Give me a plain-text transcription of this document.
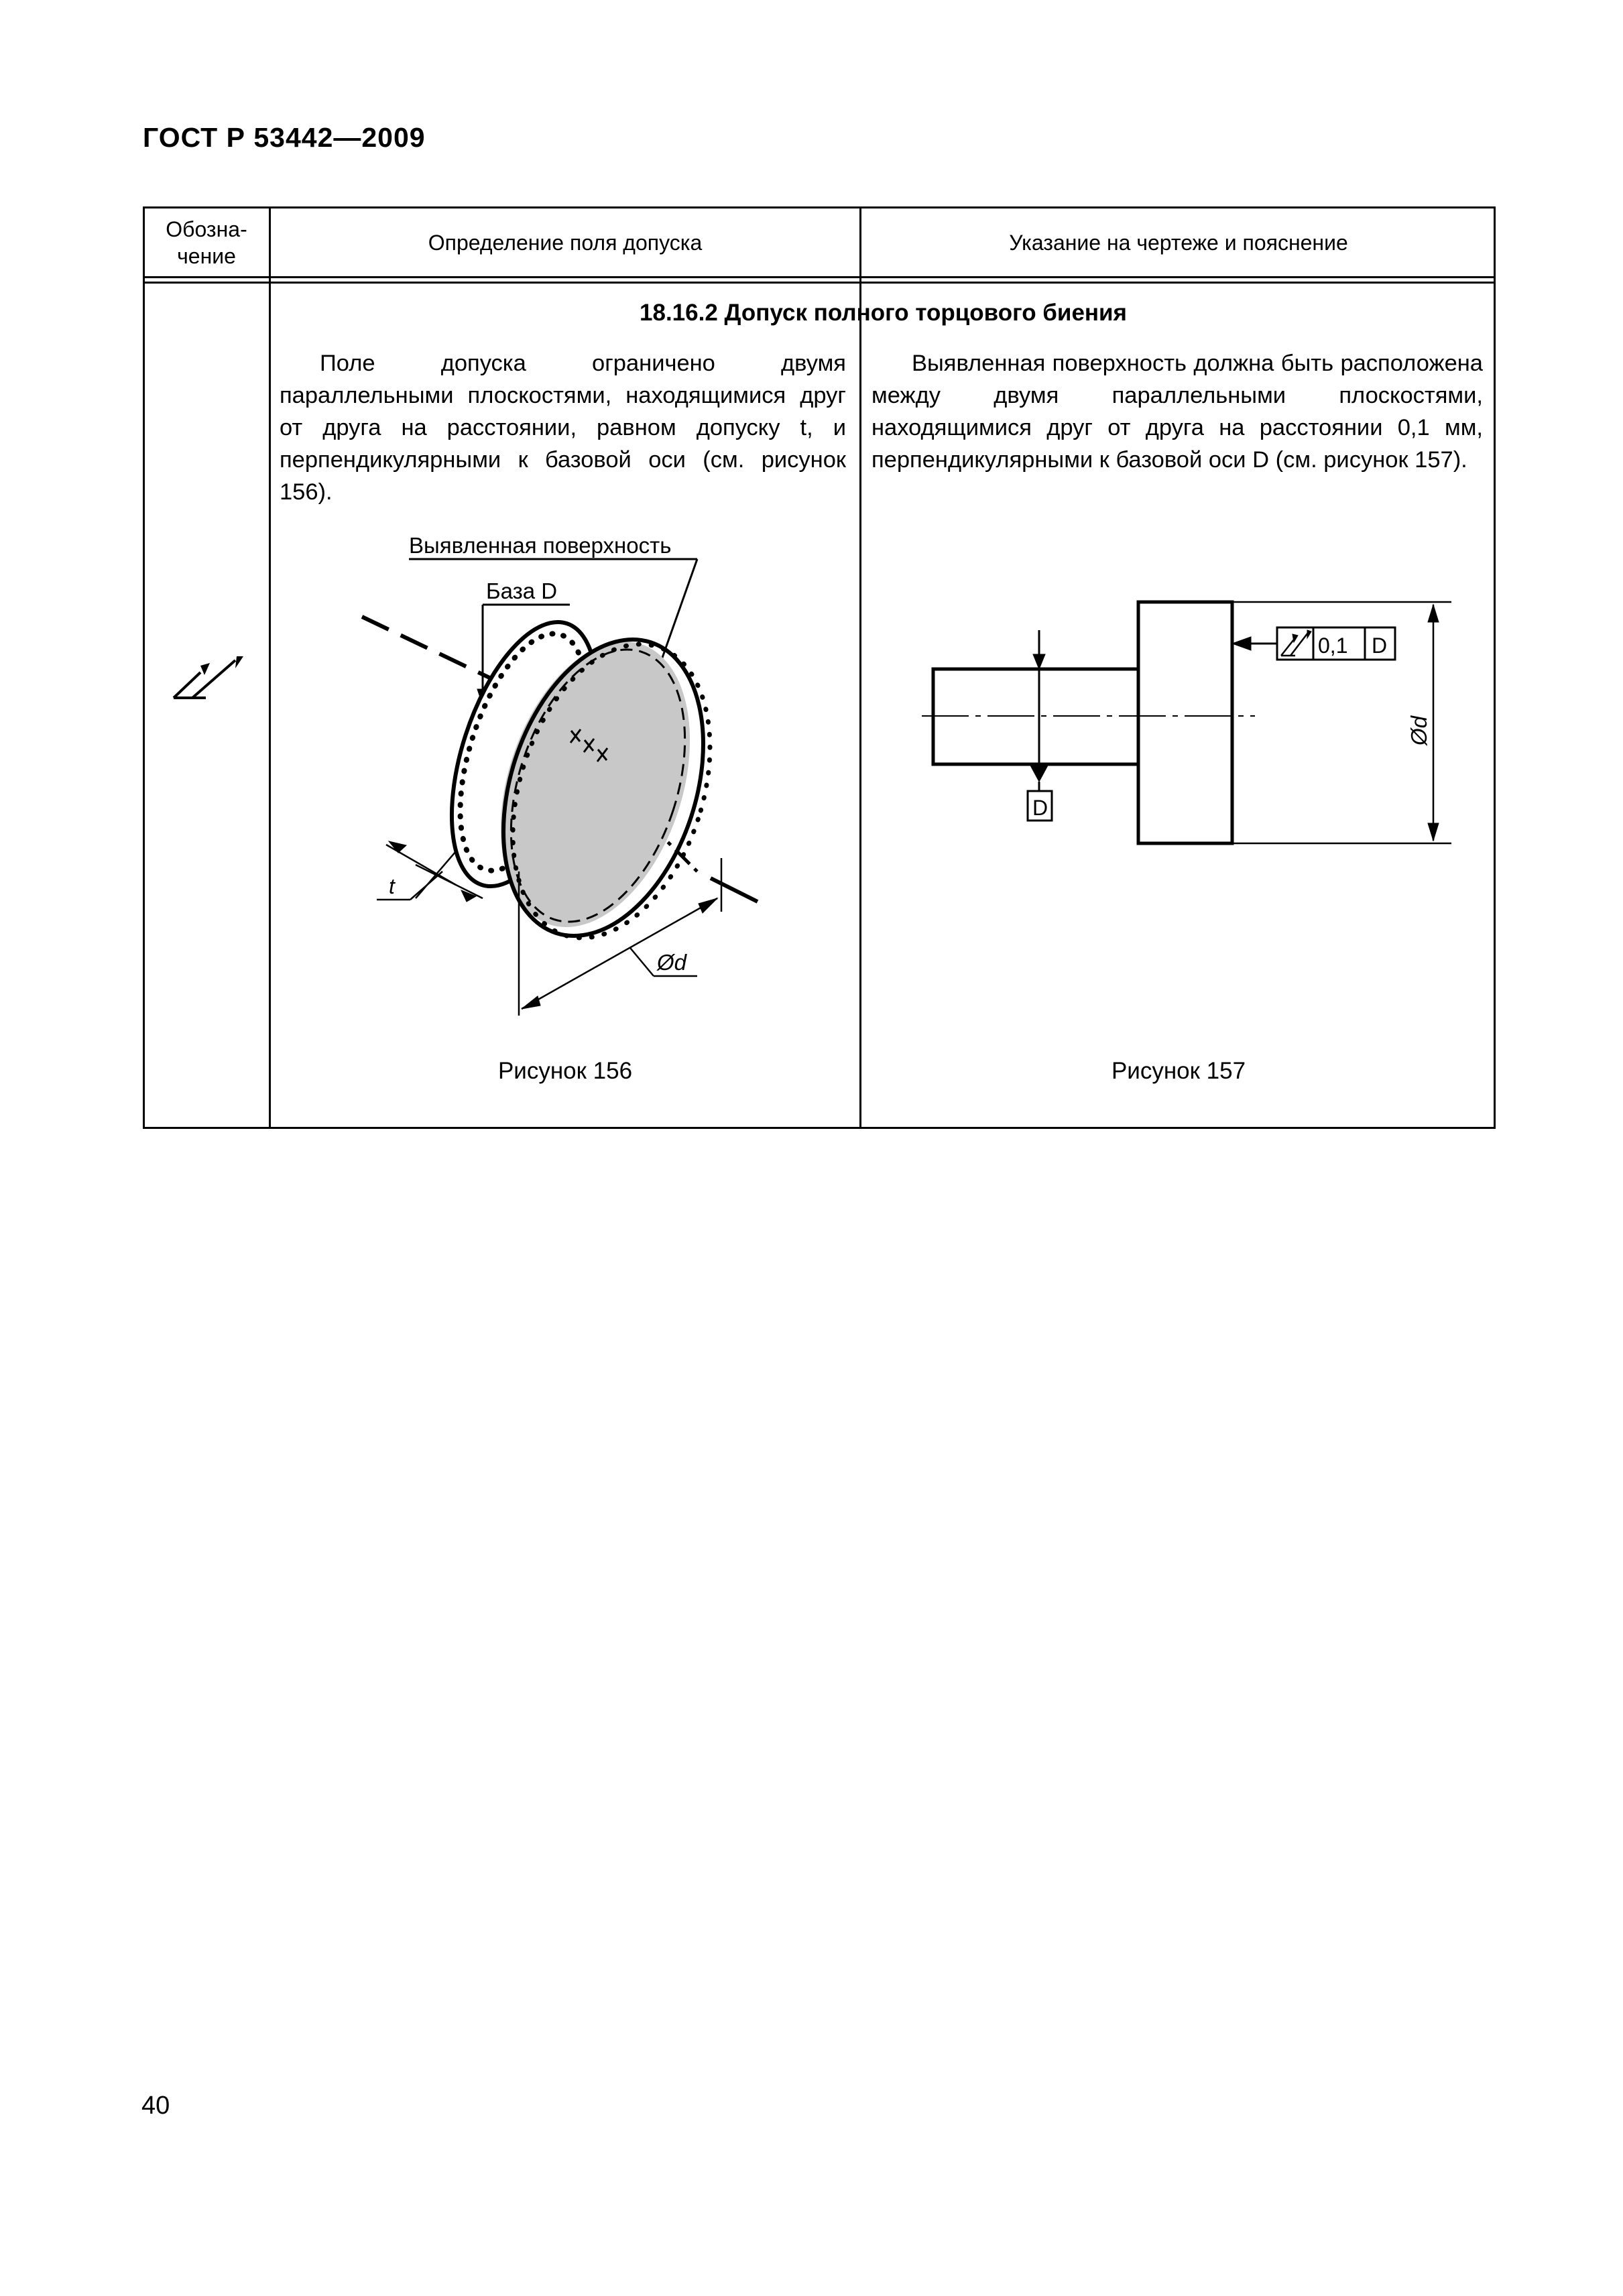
ГОСТ Р 53442—2009
Обозна-
чение
Определение поля допуска	Указание на чертеже и пояснение
18.16.2 Допуск полного торцового биения
Поле допуска ограничено двумя параллельными плоскостями, находящимися друг от друга на расстоянии, равном допуску t, и перпендикулярными к базовой оси (см. рисунок 156).
Выявленная поверхность должна быть расположена между двумя параллельными плоскостями, находящимися друг от друга на расстоянии 0,1 мм, перпендикулярными к базовой оси D (см. рисунок 157).
Выявленная поверхность
База D
t
Ød
0,1 D
D
Ød
Рисунок 156	Рисунок 157
40
